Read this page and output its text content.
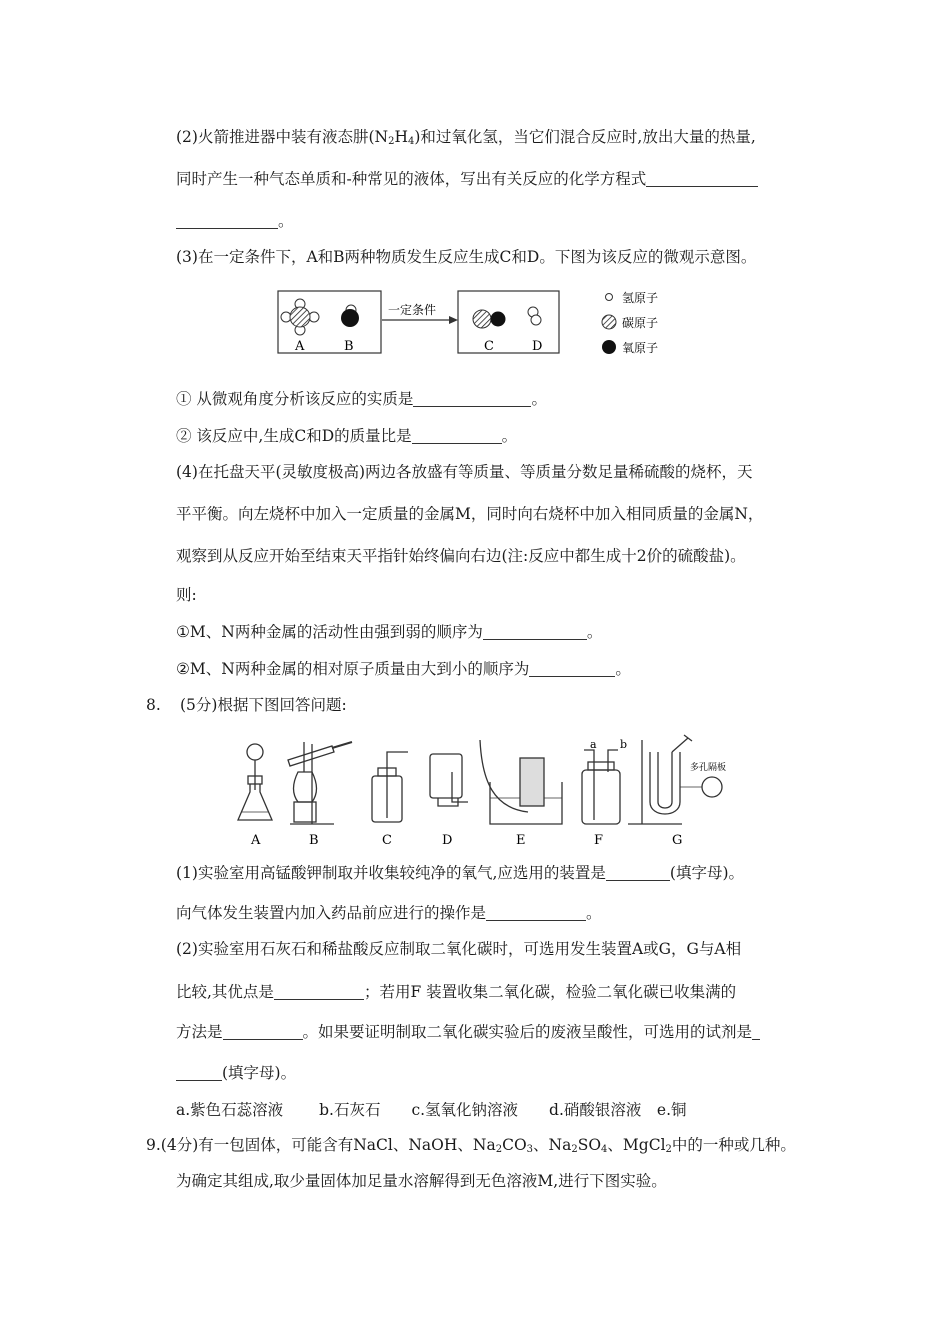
(2)火箭推进器中装有液态肼$(N_2H_4)$和过氧化氢，当它们混合反应时,放出大量的热量,
同时产生一种气态单质和-种常见的液体，写出有关反应的化学方程式
。
(3)在一定条件下，A和B两种物质发生反应生成C和D。下图为该反应的微观示意图。
A	B
一定条件
C	D
氢原子
碳原子
氧原子
① 从微观角度分析该反应的实质是	。
② 该反应中,生成C和D的质量比是	。
(4)在托盘天平(灵敏度极高)两边各放盛有等质量、等质量分数足量稀硫酸的烧杯，天
平平衡。向左烧杯中加入一定质量的金属M，同时向右烧杯中加入相同质量的金属N，
观察到从反应开始至结束天平指针始终偏向右边(注:反应中都生成十2价的硫酸盐)。
则:
①M、N两种金属的活动性由强到弱的顺序为	。
②M、N两种金属的相对原子质量由大到小的顺序为	。
8. (5分)根据下图回答问题:
a b
多孔隔板
A	B	C	D	E	F	G
(1)实验室用高锰酸钾制取并收集较纯净的氧气,应选用的装置是	(填字母)。
向气体发生装置内加入药品前应进行的操作是	。
(2)实验室用石灰石和稀盐酸反应制取二氧化碳时，可选用发生装置A或G，G与A相
比较,其优点是	；若用F 装置收集二氧化碳，检验二氧化碳已收集满的
方法是	。如果要证明制取二氧化碳实验后的废液呈酸性，可选用的试剂是
(填字母)。
a.紫色石蕊溶液　　 b.石灰石　　c.氢氧化钠溶液　　d.硝酸银溶液　e.铜
9.(4分)有一包固体，可能含有NaCl、NaOH、$Na_2CO_3$、$Na_2SO_4$、MgCl$_2$中的一种或几种。
为确定其组成,取少量固体加足量水溶解得到无色溶液M,进行下图实验。
